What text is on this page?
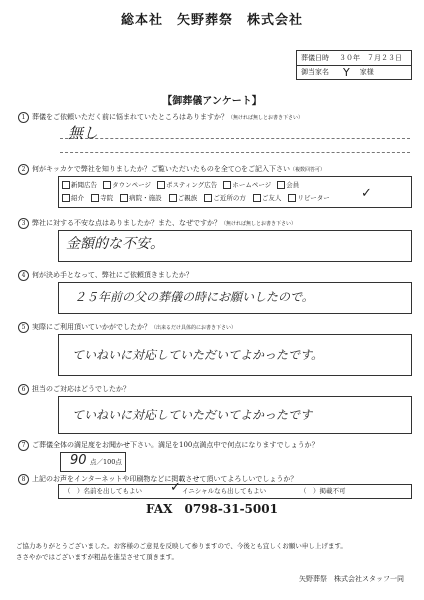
総本社　矢野葬祭　株式会社
葬儀日時 ３０年　７月２３日
御当家名 Y 家様
【御葬儀アンケート】
1 葬儀をご依頼いただく前に悩まれていたところはありますか？（無ければ無しとお書き下さい）
無し
2 何がキッカケで弊社を知りましたか？ご覧いただいたものを全て○をご記入下さい（複数回答可）
新聞広告 タウンページ ポスティング広告 ホームページ 会員
紹介 寺院 病院・施設 ご親族 ご近所の方 ご友人 リピーター ✓
3 弊社に対する不安な点はありましたか？また、なぜですか？（無ければ無しとお書き下さい）
金額的な不安。
4 何が決め手となって、弊社にご依頼頂きましたか？
２５年前の父の葬儀の時にお願いしたので。
5 実際にご利用頂いていかがでしたか？（出来るだけ具体的にお書き下さい）
ていねいに対応していただいてよかったです。
6 担当のご対応はどうでしたか？
ていねいに対応していただいてよかったです
7 ご葬儀全体の満足度をお聞かせ下さい。満足を100点満点中で何点になりますでしょうか？
90 点／100点
8 上記のお声をインターネットや印刷物などに掲載させて頂いてよろしいでしょうか？
（　）名前を出してもよい ✓ イニシャルなら出してもよい	（　）掲載不可
FAX　0798-31-5001
ご協力ありがとうございました。お客様のご意見を反映して参りますので、今後とも宜しくお願い申し上げます。
ささやかではございますが粗品を進呈させて頂きます。
矢野葬祭　株式会社スタッフ一同
